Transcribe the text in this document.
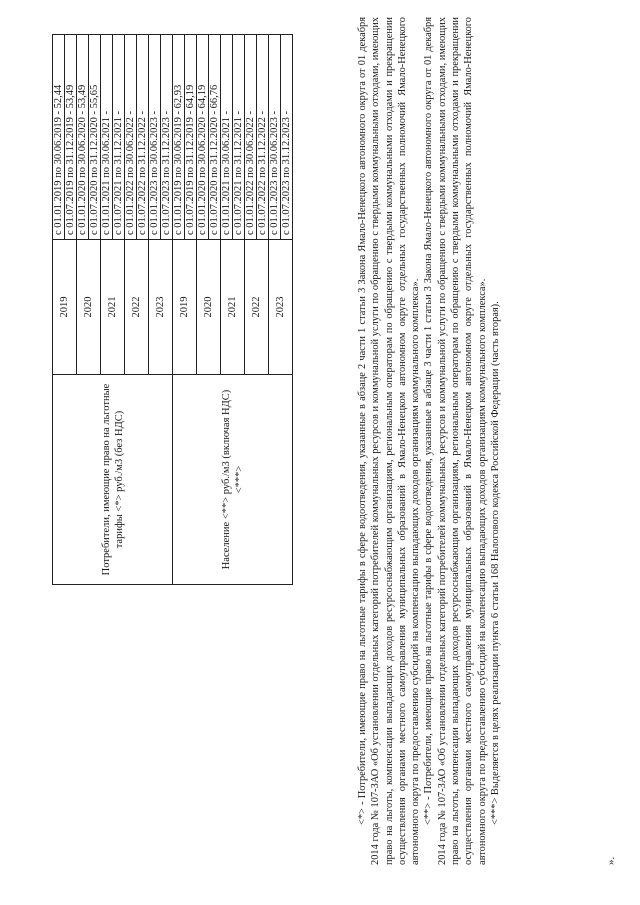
Потребители, имеющие право на льготные тарифы <*> руб./м3 (без НДС)	2019	с 01.01.2019 по 30.06.2019 - 52,44
		с 01.07.2019 по 31.12.2019 - 53,49
	2020	с 01.01.2020 по 30.06.2020 - 53,49
		с 01.07.2020 по 31.12.2020 - 55,65
	2021	с 01.01.2021 по 30.06.2021 -
		с 01.07.2021 по 31.12.2021 -
	2022	с 01.01.2022 по 30.06.2022 -
		с 01.07.2022 по 31.12.2022 -
	2023	с 01.01.2023 по 30.06.2023 -
		с 01.07.2023 по 31.12.2023 -
Население <**> руб./м3 (включая НДС) <***>	2019	с 01.01.2019 по 30.06.2019 - 62,93
		с 01.07.2019 по 31.12.2019 - 64,19
	2020	с 01.01.2020 по 30.06.2020 - 64,19
		с 01.07.2020 по 31.12.2020 - 66,76
	2021	с 01.01.2021 по 30.06.2021 -
		с 01.07.2021 по 31.12.2021 -
	2022	с 01.01.2022 по 30.06.2022 -
		с 01.07.2022 по 31.12.2022 -
	2023	с 01.01.2023 по 30.06.2023 -
		с 01.07.2023 по 31.12.2023 -	<*> - Потребители, имеющие право на льготные тарифы в сфере водоотведения, указанные в абзаце 2 части 1 статьи 3 Закона Ямало-Ненецкого автономного округа от 01 декабря 2014 года № 107-ЗАО «Об установлении отдельных категорий потребителей коммунальных ресурсов и коммунальной услуги по обращению с твердыми коммунальными отходами, имеющих право на льготы, компенсации выпадающих доходов ресурсоснабжающим организациям, региональным операторам по обращению с твердыми коммунальными отходами и прекращении осуществления органами местного самоуправления муниципальных образований в Ямало-Ненецком автономном округе отдельных государственных полномочий Ямало-Ненецкого автономного округа по предоставлению субсидий на компенсацию выпадающих доходов организациям коммунального комплекса». <**> - Потребители, имеющие право на льготные тарифы в сфере водоотведения, указанные в абзаце 3 части 1 статьи 3 Закона Ямало-Ненецкого автономного округа от 01 декабря 2014 года № 107-ЗАО «Об установлении отдельных категорий потребителей коммунальных ресурсов и коммунальной услуги по обращению с твердыми коммунальными отходами, имеющих право на льготы, компенсации выпадающих доходов ресурсоснабжающим организациям, региональным операторам по обращению с твердыми коммунальными отходами и прекращении осуществления органами местного самоуправления муниципальных образований в Ямало-Ненецком автономном округе отдельных государственных полномочий Ямало-Ненецкого автономного округа по предоставлению субсидий на компенсацию выпадающих доходов организациям коммунального комплекса». <***> Выделяется в целях реализации пункта 6 статьи 168 Налогового кодекса Российской Федерации (часть вторая).

».
